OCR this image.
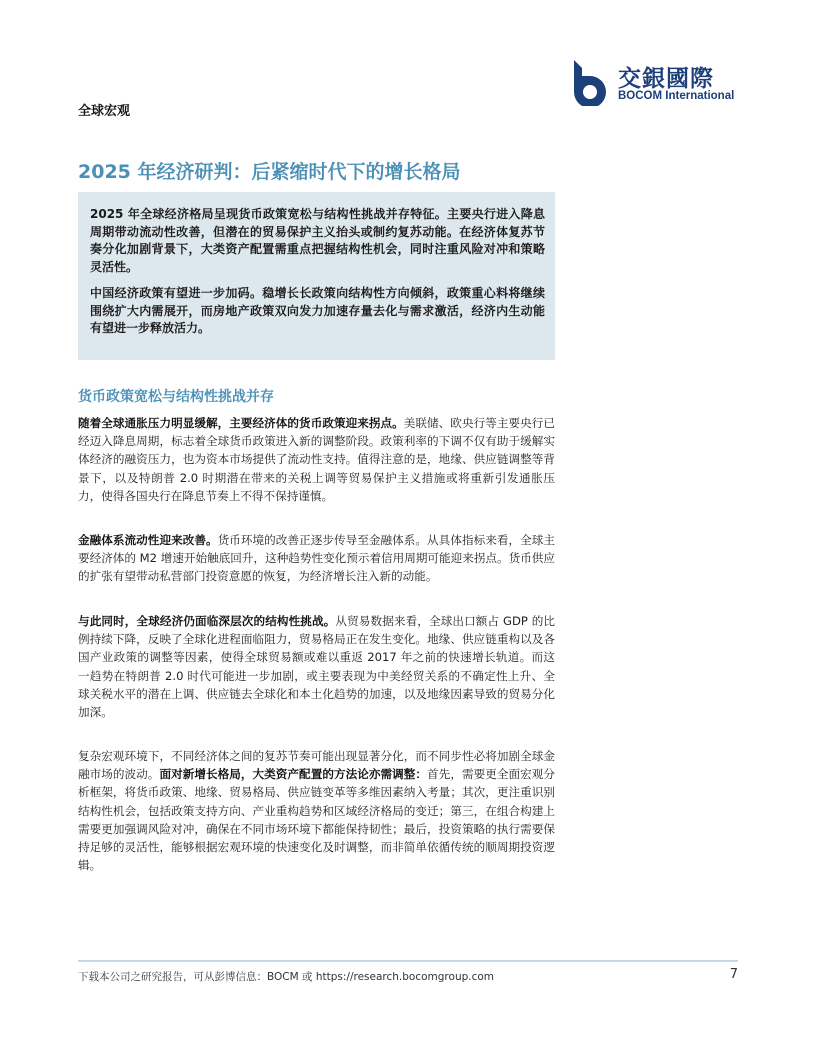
全球宏观
交銀國際
BOCOM International
2025 年经济研判：后紧缩时代下的增长格局

2025 年全球经济格局呈现货币政策宽松与结构性挑战并存特征。主要央行进入降息周期带动流动性改善，但潜在的贸易保护主义抬头或制约复苏动能。在经济体复苏节奏分化加剧背景下，大类资产配置需重点把握结构性机会，同时注重风险对冲和策略灵活性。

中国经济政策有望进一步加码。稳增长长政策向结构性方向倾斜，政策重心料将继续围绕扩大内需展开，而房地产政策双向发力加速存量去化与需求激活，经济内生动能有望进一步释放活力。

货币政策宽松与结构性挑战并存

随着全球通胀压力明显缓解，主要经济体的货币政策迎来拐点。美联储、欧央行等主要央行已经迈入降息周期，标志着全球货币政策进入新的调整阶段。政策利率的下调不仅有助于缓解实体经济的融资压力，也为资本市场提供了流动性支持。值得注意的是，地缘、供应链调整等背景下，以及特朗普 2.0 时期潜在带来的关税上调等贸易保护主义措施或将重新引发通胀压力，使得各国央行在降息节奏上不得不保持谨慎。

金融体系流动性迎来改善。货币环境的改善正逐步传导至金融体系。从具体指标来看，全球主要经济体的 M2 增速开始触底回升，这种趋势性变化预示着信用周期可能迎来拐点。货币供应的扩张有望带动私营部门投资意愿的恢复，为经济增长注入新的动能。

与此同时，全球经济仍面临深层次的结构性挑战。从贸易数据来看，全球出口额占 GDP 的比例持续下降，反映了全球化进程面临阻力，贸易格局正在发生变化。地缘、供应链重构以及各国产业政策的调整等因素，使得全球贸易额或难以重返 2017 年之前的快速增长轨道。而这一趋势在特朗普 2.0 时代可能进一步加剧，或主要表现为中美经贸关系的不确定性上升、全球关税水平的潜在上调、供应链去全球化和本土化趋势的加速，以及地缘因素导致的贸易分化加深。

复杂宏观环境下，不同经济体之间的复苏节奏可能出现显著分化，而不同步性必将加剧全球金融市场的波动。面对新增长格局，大类资产配置的方法论亦需调整：首先，需要更全面宏观分析框架，将货币政策、地缘、贸易格局、供应链变革等多维因素纳入考量；其次，更注重识别结构性机会，包括政策支持方向、产业重构趋势和区域经济格局的变迁；第三，在组合构建上需要更加强调风险对冲，确保在不同市场环境下都能保持韧性；最后，投资策略的执行需要保持足够的灵活性，能够根据宏观环境的快速变化及时调整，而非简单依循传统的顺周期投资逻辑。

下载本公司之研究报告，可从彭博信息：BOCM 或 https://research.bocomgroup.com	7
